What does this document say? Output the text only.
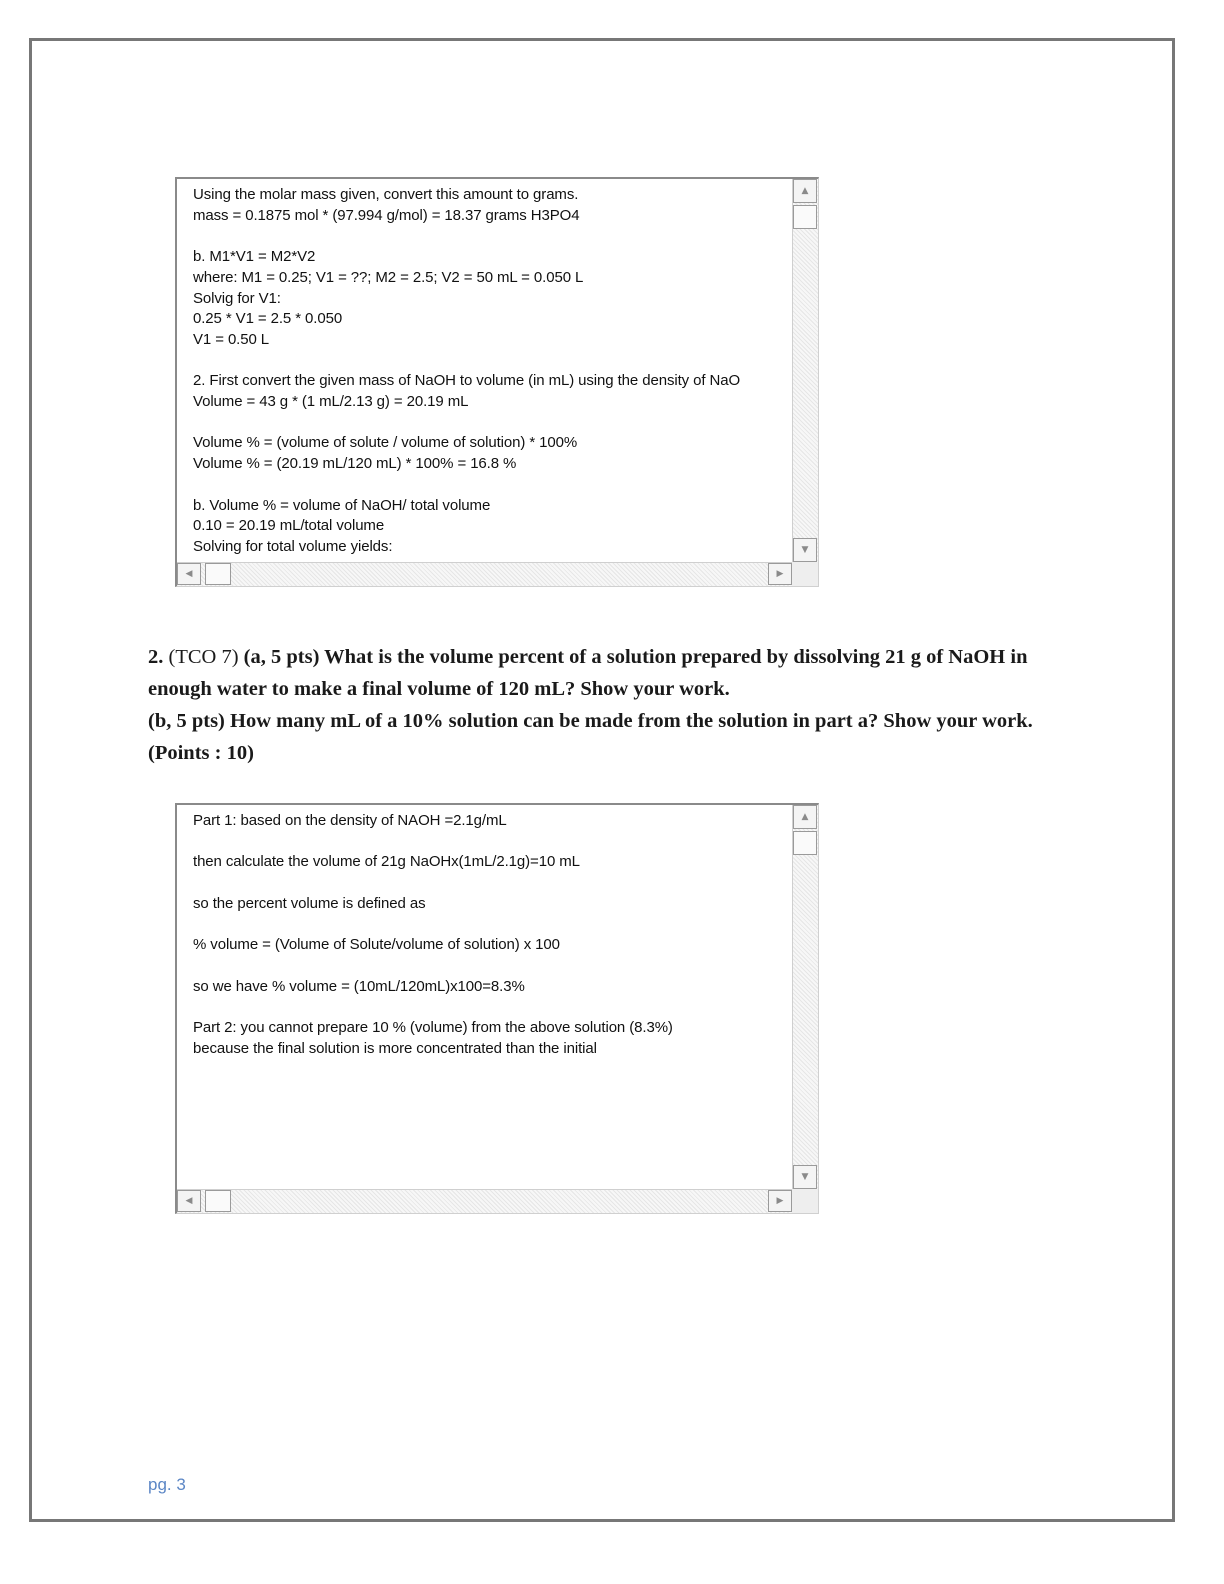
Using the molar mass given, convert this amount to grams.
mass = 0.1875 mol * (97.994 g/mol) = 18.37 grams H3PO4

b. M1*V1 = M2*V2
where: M1 = 0.25; V1 = ??; M2 = 2.5; V2 = 50 mL = 0.050 L
Solvig for V1:
0.25 * V1 = 2.5 * 0.050
V1 = 0.50 L

2. First convert the given mass of NaOH to volume (in mL) using the density of NaO
Volume = 43 g * (1 mL/2.13 g) = 20.19 mL

Volume % = (volume of solute / volume of solution) * 100%
Volume % = (20.19 mL/120 mL) * 100% = 16.8 %

b. Volume % = volume of NaOH/ total volume
0.10 = 20.19 mL/total volume
Solving for total volume yields:
▲
▼
◀	▶
2. (TCO 7) (a, 5 pts) What is the volume percent of a solution prepared by dissolving 21 g of NaOH in
enough water to make a final volume of 120 mL? Show your work.
(b, 5 pts) How many mL of a 10% solution can be made from the solution in part a? Show your work.
(Points : 10)
Part 1: based on the density of NAOH =2.1g/mL

then calculate the volume of 21g NaOHx(1mL/2.1g)=10 mL

so the percent volume is defined as

% volume = (Volume of Solute/volume of solution) x 100

so we have % volume = (10mL/120mL)x100=8.3%

Part 2: you cannot prepare 10 % (volume) from the above solution (8.3%)
because the final solution is more concentrated than the initial
▲
▼
◀	▶
pg. 3
